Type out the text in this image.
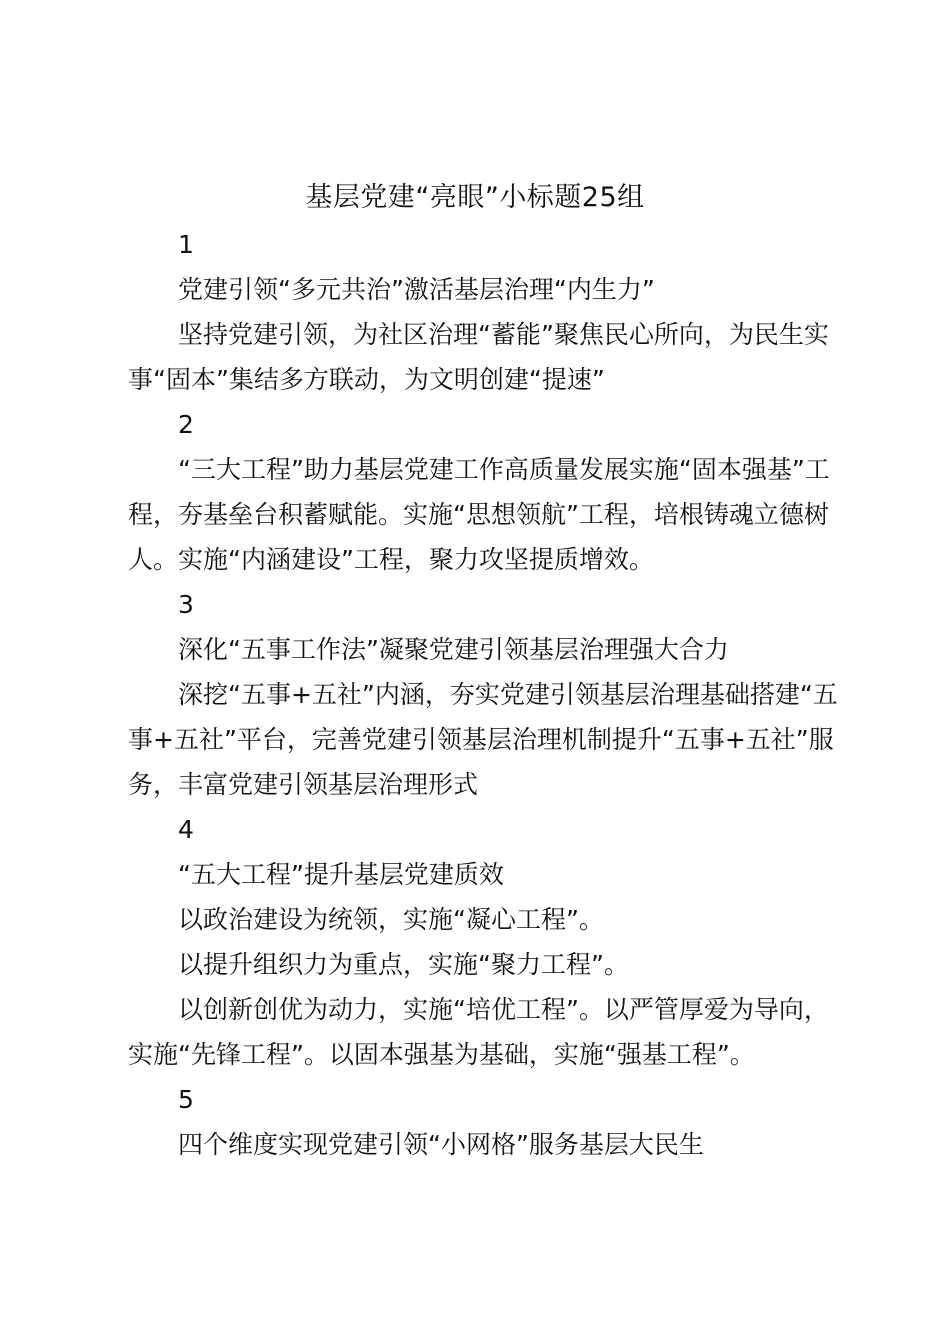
基层党建“亮眼”小标题25组

1

党建引领“多元共治”激活基层治理“内生力”

坚持党建引领，为社区治理“蓄能”聚焦民心所向，为民生实事“固本”集结多方联动，为文明创建“提速”

2

“三大工程”助力基层党建工作高质量发展实施“固本强基”工程，夯基垒台积蓄赋能。实施“思想领航”工程，培根铸魂立德树人。实施“内涵建设”工程，聚力攻坚提质增效。

3

深化“五事工作法”凝聚党建引领基层治理强大合力

深挖“五事+五社”内涵，夯实党建引领基层治理基础搭建“五事+五社”平台，完善党建引领基层治理机制提升“五事+五社”服务，丰富党建引领基层治理形式

4

“五大工程”提升基层党建质效

以政治建设为统领，实施“凝心工程”。

以提升组织力为重点，实施“聚力工程”。

以创新创优为动力，实施“培优工程”。以严管厚爱为导向，实施“先锋工程”。以固本强基为基础，实施“强基工程”。

5

四个维度实现党建引领“小网格”服务基层大民生
